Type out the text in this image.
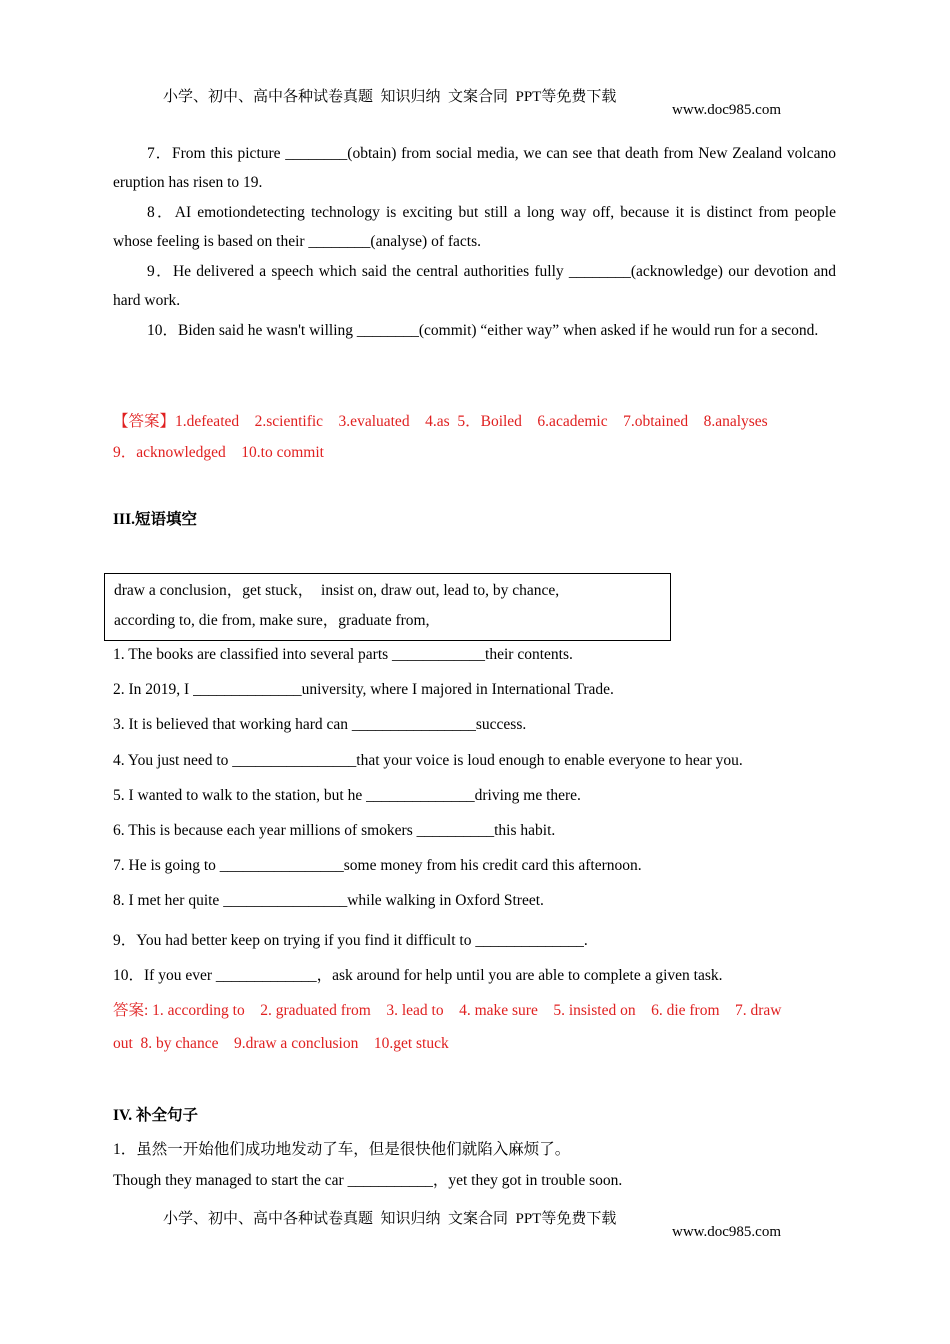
小学、初中、高中各种试卷真题  知识归纳  文案合同  PPT等免费下载

www.doc985.com

7．From this picture ________(obtain) from social media, we can see that death from New Zealand volcano eruption has risen to 19.
8．AI emotiondetecting technology is exciting but still a long way off, because it is distinct from people whose feeling is based on their ________(analyse) of facts.
9．He delivered a speech which said the central authorities fully ________(acknowledge) our devotion and hard work.
10．Biden said he wasn't willing ________(commit) “either way” when asked if he would run for a second.
【答案】1.defeated    2.scientific    3.evaluated    4.as  5．Boiled    6.academic    7.obtained    8.analyses
9．acknowledged    10.to commit
III.短语填空
draw a conclusion，get stuck，  insist on, draw out, lead to, by chance,
according to, die from, make sure，graduate from,
1. The books are classified into several parts ____________their contents.
2. In 2019, I ______________university, where I majored in International Trade.
3. It is believed that working hard can ________________success.
4. You just need to ________________that your voice is loud enough to enable everyone to hear you.
5. I wanted to walk to the station, but he ______________driving me there.
6. This is because each year millions of smokers __________this habit.
7. He is going to ________________some money from his credit card this afternoon.
8. I met her quite ________________while walking in Oxford Street.
9．You had better keep on trying if you find it difficult to ______________.
10．If you ever _____________，ask around for help until you are able to complete a given task.
答案: 1. according to    2. graduated from    3. lead to    4. make sure    5. insisted on    6. die from    7. draw
out  8. by chance    9.draw a conclusion    10.get stuck
IV. 补全句子
1．虽然一开始他们成功地发动了车，但是很快他们就陷入麻烦了。
Though they managed to start the car ___________，yet they got in trouble soon.

小学、初中、高中各种试卷真题  知识归纳  文案合同  PPT等免费下载

www.doc985.com
